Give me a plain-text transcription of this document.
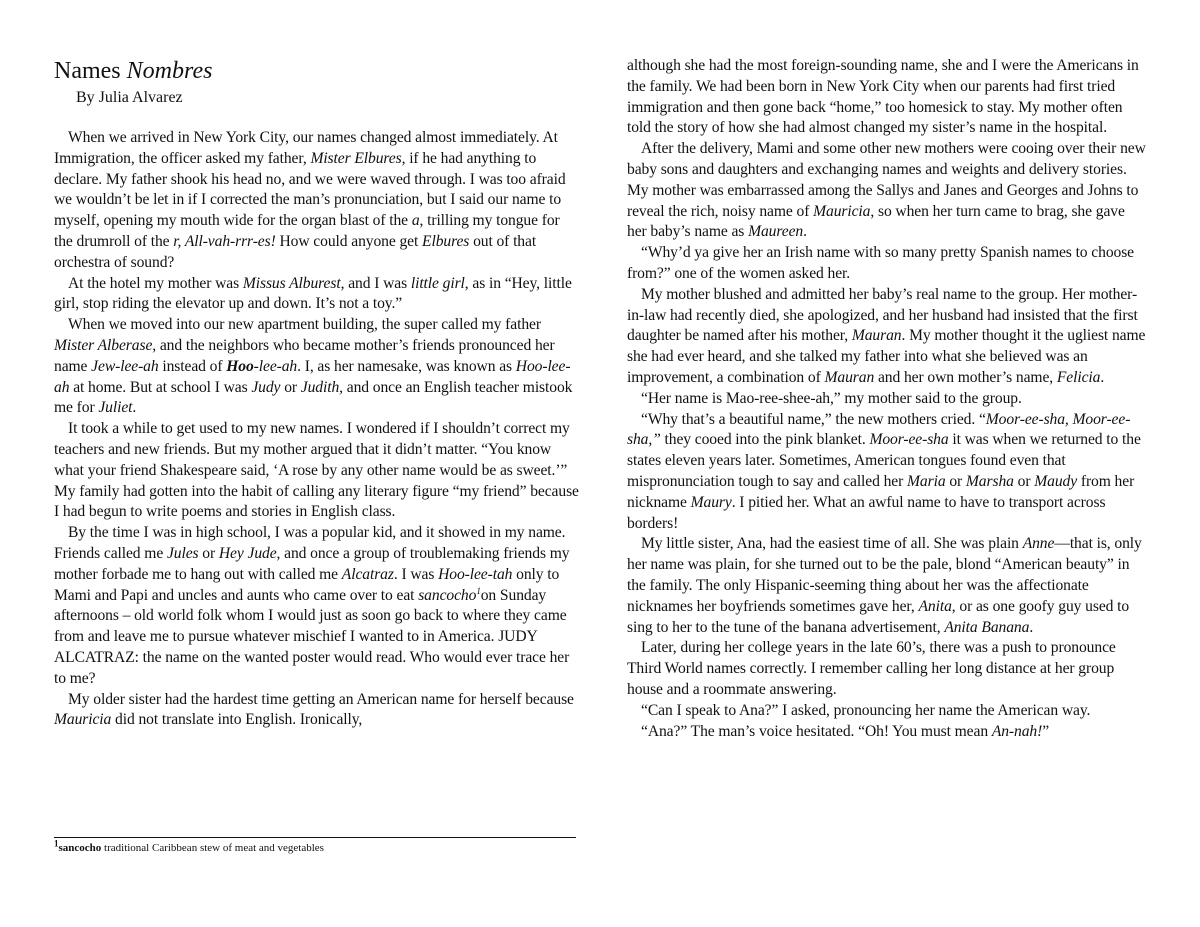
Names Nombres
By Julia Alvarez

When we arrived in New York City, our names changed almost immediately. At Immigration, the officer asked my father, Mister Elbures, if he had anything to declare. My father shook his head no, and we were waved through. I was too afraid we wouldn’t be let in if I corrected the man’s pronunciation, but I said our name to myself, opening my mouth wide for the organ blast of the a, trilling my tongue for the drumroll of the r, All-vah-rrr-es! How could anyone get Elbures out of that orchestra of sound?

At the hotel my mother was Missus Alburest, and I was little girl, as in “Hey, little girl, stop riding the elevator up and down. It’s not a toy.”

When we moved into our new apartment building, the super called my father Mister Alberase, and the neighbors who became mother’s friends pronounced her name Jew-lee-ah instead of Hoo-lee-ah. I, as her namesake, was known as Hoo-lee-ah at home. But at school I was Judy or Judith, and once an English teacher mistook me for Juliet.

It took a while to get used to my new names. I wondered if I shouldn’t correct my teachers and new friends. But my mother argued that it didn’t matter. “You know what your friend Shakespeare said, ‘A rose by any other name would be as sweet.’” My family had gotten into the habit of calling any literary figure “my friend” because I had begun to write poems and stories in English class.

By the time I was in high school, I was a popular kid, and it showed in my name. Friends called me Jules or Hey Jude, and once a group of troublemaking friends my mother forbade me to hang out with called me Alcatraz. I was Hoo-lee-tah only to Mami and Papi and uncles and aunts who came over to eat sancocho$^1$on Sunday afternoons – old world folk whom I would just as soon go back to where they came from and leave me to pursue whatever mischief I wanted to in America. JUDY ALCATRAZ: the name on the wanted poster would read. Who would ever trace her to me?

My older sister had the hardest time getting an American name for herself because Mauricia did not translate into English. Ironically,

$^1$sancocho traditional Caribbean stew of meat and vegetables

although she had the most foreign-sounding name, she and I were the Americans in the family. We had been born in New York City when our parents had first tried immigration and then gone back “home,” too homesick to stay. My mother often told the story of how she had almost changed my sister’s name in the hospital.

After the delivery, Mami and some other new mothers were cooing over their new baby sons and daughters and exchanging names and weights and delivery stories. My mother was embarrassed among the Sallys and Janes and Georges and Johns to reveal the rich, noisy name of Mauricia, so when her turn came to brag, she gave her baby’s name as Maureen.

“Why’d ya give her an Irish name with so many pretty Spanish names to choose from?” one of the women asked her.

My mother blushed and admitted her baby’s real name to the group. Her mother-in-law had recently died, she apologized, and her husband had insisted that the first daughter be named after his mother, Mauran. My mother thought it the ugliest name she had ever heard, and she talked my father into what she believed was an improvement, a combination of Mauran and her own mother’s name, Felicia.

“Her name is Mao-ree-shee-ah,” my mother said to the group.

“Why that’s a beautiful name,” the new mothers cried. “Moor-ee-sha, Moor-ee-sha,” they cooed into the pink blanket. Moor-ee-sha it was when we returned to the states eleven years later. Sometimes, American tongues found even that mispronunciation tough to say and called her Maria or Marsha or Maudy from her nickname Maury. I pitied her. What an awful name to have to transport across borders!

My little sister, Ana, had the easiest time of all. She was plain Anne—that is, only her name was plain, for she turned out to be the pale, blond “American beauty” in the family. The only Hispanic-seeming thing about her was the affectionate nicknames her boyfriends sometimes gave her, Anita, or as one goofy guy used to sing to her to the tune of the banana advertisement, Anita Banana.

Later, during her college years in the late 60’s, there was a push to pronounce Third World names correctly. I remember calling her long distance at her group house and a roommate answering.

“Can I speak to Ana?” I asked, pronouncing her name the American way.

“Ana?” The man’s voice hesitated. “Oh! You must mean An-nah!”
